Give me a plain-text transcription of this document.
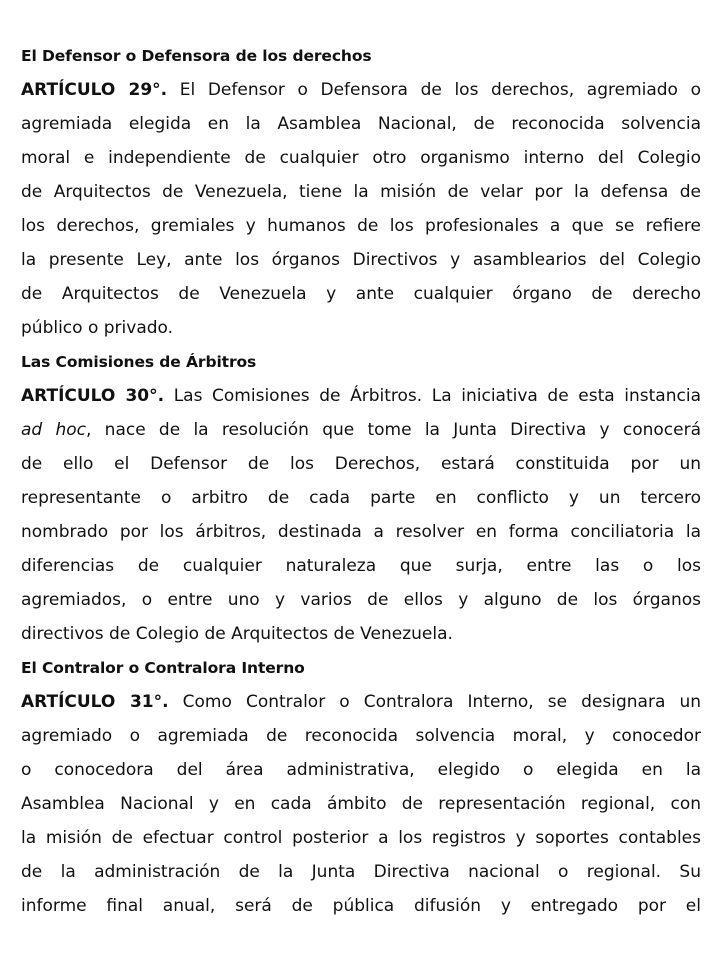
El Defensor o Defensora de los derechos
ARTÍCULO 29°. El Defensor o Defensora de los derechos, agremiado o
agremiada elegida en la Asamblea Nacional, de reconocida solvencia
moral e independiente de cualquier otro organismo interno del Colegio
de Arquitectos de Venezuela, tiene la misión de velar por la defensa de
los derechos, gremiales y humanos de los profesionales a que se refiere
la presente Ley, ante los órganos Directivos y asamblearios del Colegio
de Arquitectos de Venezuela y ante cualquier órgano de derecho
público o privado.
Las Comisiones de Árbitros
ARTÍCULO 30°. Las Comisiones de Árbitros. La iniciativa de esta instancia
ad hoc, nace de la resolución que tome la Junta Directiva y conocerá
de ello el Defensor de los Derechos, estará constituida por un
representante o arbitro de cada parte en conflicto y un tercero
nombrado por los árbitros, destinada a resolver en forma conciliatoria la
diferencias de cualquier naturaleza que surja, entre las o los
agremiados, o entre uno y varios de ellos y alguno de los órganos
directivos de Colegio de Arquitectos de Venezuela.
El Contralor o Contralora Interno
ARTÍCULO 31°. Como Contralor o Contralora Interno, se designara un
agremiado o agremiada de reconocida solvencia moral, y conocedor
o conocedora del área administrativa, elegido o elegida en la
Asamblea Nacional y en cada ámbito de representación regional, con
la misión de efectuar control posterior a los registros y soportes contables
de la administración de la Junta Directiva nacional o regional. Su
informe final anual, será de pública difusión y entregado por el
